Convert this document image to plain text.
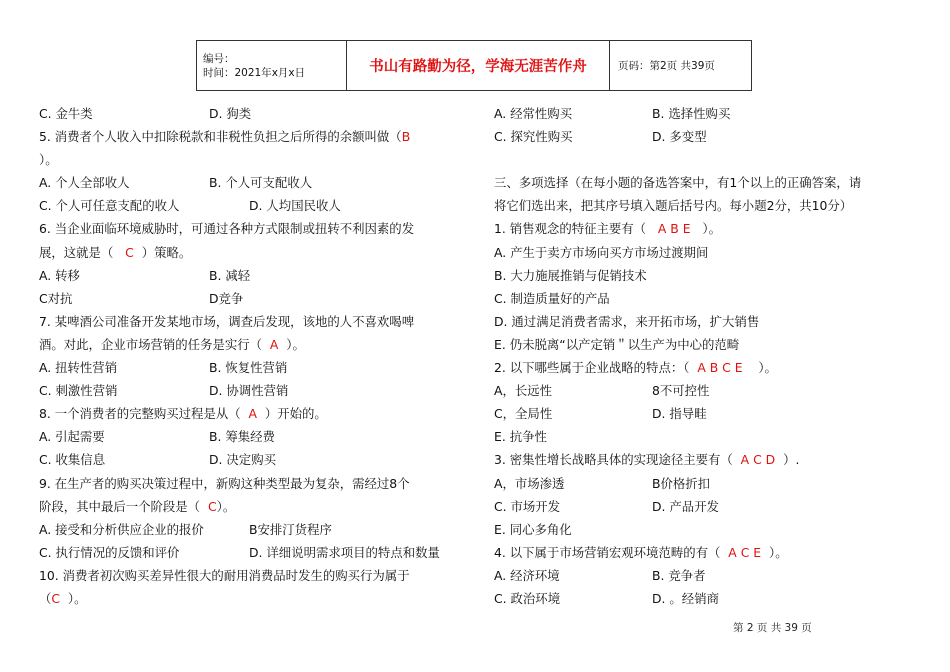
编号：
时间：2021年x月x日	书山有路勤为径，学海无涯苦作舟	页码：第2页 共39页
C. 金牛类	D. 狗类
5. 消费者个人收入中扣除税款和非税性负担之后所得的余额叫做（B
）。
A. 个人全部收人	B. 个人可支配收人
C. 个人可任意支配的收人	D. 人均国民收人
6. 当企业面临环境威胁时，可通过各种方式限制或扭转不利因素的发
展，这就是（   C  ）策略。
A. 转移	B. 减轻
C对抗	D竞争
7. 某啤酒公司准备开发某地市场，调查后发现，该地的人不喜欢喝啤
酒。对此，企业市场营销的任务是实行（  A  ）。
A. 扭转性营销	B. 恢复性营销
C. 刺激性营销	D. 协调性营销
8. 一个消费者的完整购买过程是从（  A  ）开始的。
A. 引起需要	B. 筹集经费
C. 收集信息	D. 决定购买
9. 在生产者的购买决策过程中，新购这种类型最为复杂，需经过8个
阶段，其中最后一个阶段是（  C）。
A. 接受和分析供应企业的报价	B安排汀货程序
C. 执行情况的反馈和评价	D. 详细说明需求项目的特点和数量
10. 消费者初次购买差异性很大的耐用消费品时发生的购买行为属于
（C  ）。
A. 经常性购买	B. 选择性购买
C. 探究性购买	D. 多变型
三、多项选择（在每小题的备选答案中，有1个以上的正确答案，请
将它们选出来，把其序号填入题后括号内。每小题2分，共10分）
1. 销售观念的特征主要有（   A B E   ）。
A. 产生于卖方市场向买方市场过渡期间
B. 大力施展推销与促销技术
C. 制造质量好的产品
D. 通过满足消费者需求，来开拓市场，扩大销售
E. 仍未脱离“以产定销＂以生产为中心的范畸
2. 以下哪些属于企业战略的特点：（  A B C E    ）。
A，长远性	8不可控性
C，全局性	D. 指导畦
E. 抗争性
3. 密集性增长战略具体的实现途径主要有（  A C D  ）.
A，市场渗透	B价格折扣
C. 市场开发	D. 产品开发
E. 同心多角化
4. 以下属于市场营销宏观环境范畴的有（  A C E  ）。
A. 经济环境	B. 竞争者
C. 政治环境	D. 。经销商
第 2 页 共 39 页
